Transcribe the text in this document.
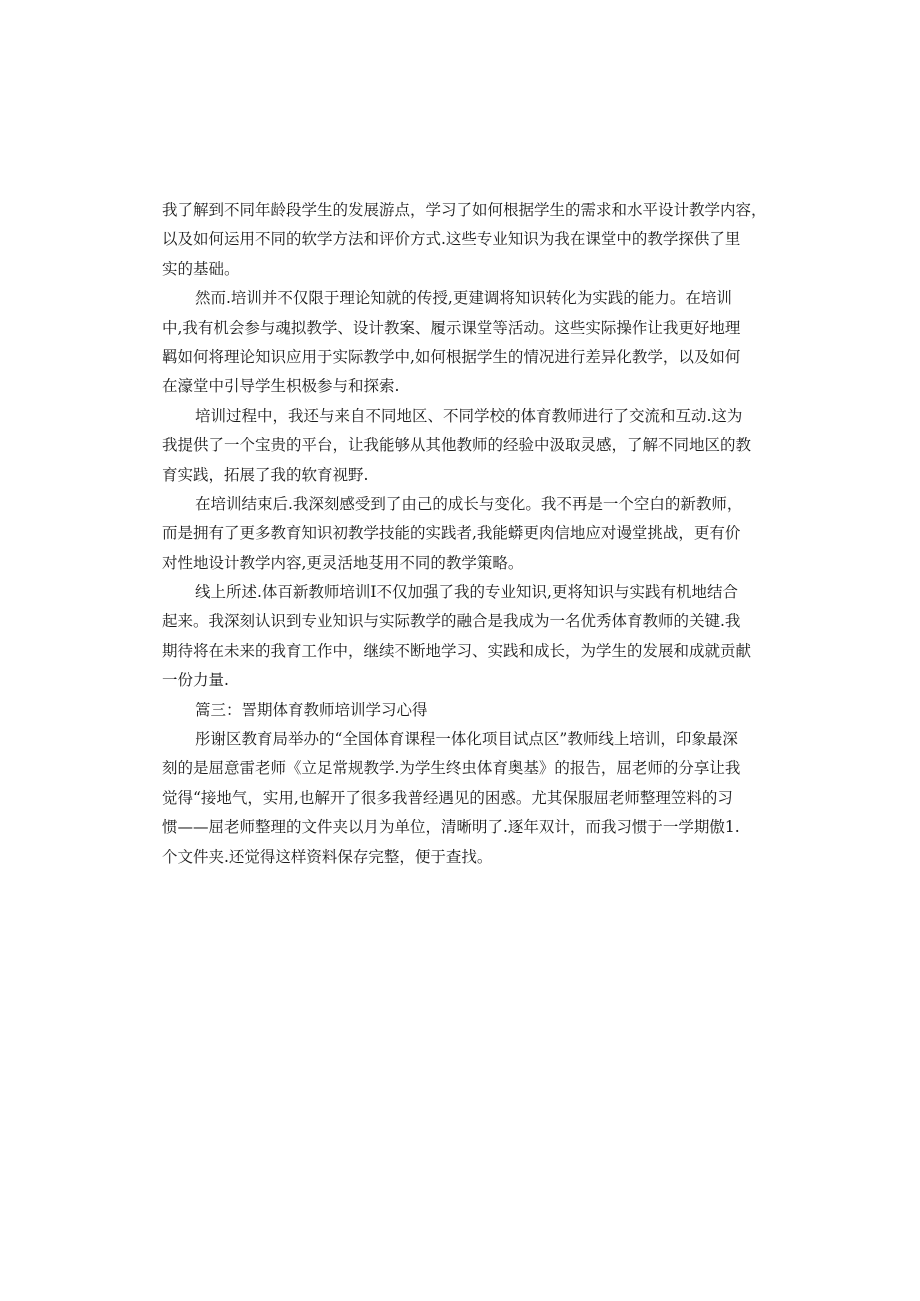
我了解到不同年龄段学生的发展游点，学习了如何根据学生的需求和水平设计教学内容，
以及如何运用不同的软学方法和评价方式.这些专业知识为我在课堂中的教学探供了里
实的基础。
然而.培训并不仅限于理论知就的传授,更建调将知识转化为实践的能力。在培训
中,我有机会参与魂拟教学、设计教案、履示课堂等活动。这些实际操作让我更好地理
羁如何将理论知识应用于实际教学中,如何根据学生的情况进行差异化教学，以及如何
在濠堂中引导学生枳极参与和探索.
培训过程中，我还与来自不同地区、不同学校的体育教师进行了交流和互动.这为
我提供了一个宝贵的平台，让我能够从其他教师的经验中汲取灵感，了解不同地区的教
育实践，拓展了我的软育视野.
在培训结束后.我深刻感受到了由己的成长与变化。我不再是一个空白的新教师，
而是拥有了更多教育知识初教学技能的实践者,我能蟒更肉信地应对谩堂挑战，更有价
对性地设计教学内容,更灵活地芟用不同的教学策略。
线上所述.体百新教师培训I不仅加强了我的专业知识,更将知识与实践有机地结合
起来。我深刻认识到专业知识与实际教学的融合是我成为一名优秀体育教师的关键.我
期待将在未来的我育工作中，继续不断地学习、实践和成长，为学生的发展和成就贡献
一份力量.
篙三：詈期体育教师培训学习心得
彤谢区教育局举办的“全国体育课程一体化项目试点区”教师线上培训，印象最深
刻的是屈意雷老师《立足常规教学.为学生终虫体育奥基》的报告，屈老师的分享让我
觉得“接地气，实用,也解开了很多我普经遇见的困惑。尤其保服屈老师整理笠料的习
惯——屈老师整理的文件夹以月为单位，清晰明了.逐年双计，而我习惯于一学期傲1.
个文件夹.还觉得这样资料保存完整，便于查找。
